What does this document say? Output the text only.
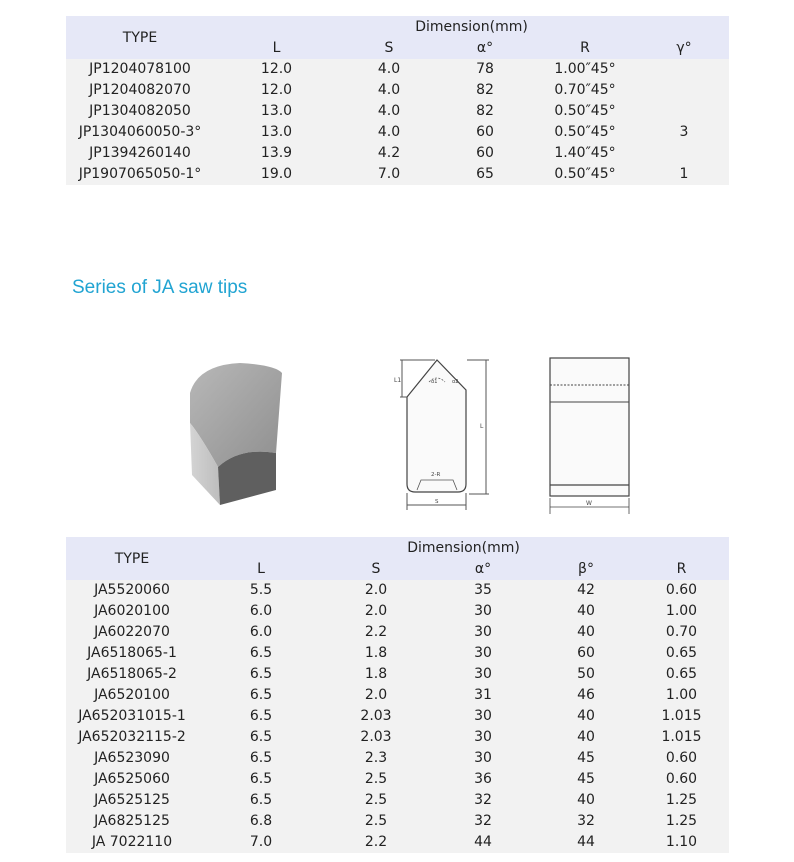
TYPE	Dimension(mm)				
	L	S	α°	R	γ°
JP1204078100	12.0	4.0	78	1.00″45°	
JP1204082070	12.0	4.0	82	0.70″45°	
JP1304082050	13.0	4.0	82	0.50″45°	
JP1304060050-3°	13.0	4.0	60	0.50″45°	3
JP1394260140	13.9	4.2	60	1.40″45°	
JP1907065050-1°	19.0	7.0	65	0.50″45°	1
Series of JA saw tips
L1	α1	α2
L
2-R
S	W
TYPE	Dimension(mm)				
	L	S	α°	β°	R
JA5520060	5.5	2.0	35	42	0.60
JA6020100	6.0	2.0	30	40	1.00
JA6022070	6.0	2.2	30	40	0.70
JA6518065-1	6.5	1.8	30	60	0.65
JA6518065-2	6.5	1.8	30	50	0.65
JA6520100	6.5	2.0	31	46	1.00
JA652031015-1	6.5	2.03	30	40	1.015
JA652032115-2	6.5	2.03	30	40	1.015
JA6523090	6.5	2.3	30	45	0.60
JA6525060	6.5	2.5	36	45	0.60
JA6525125	6.5	2.5	32	40	1.25
JA6825125	6.8	2.5	32	32	1.25
JA 7022110	7.0	2.2	44	44	1.10
